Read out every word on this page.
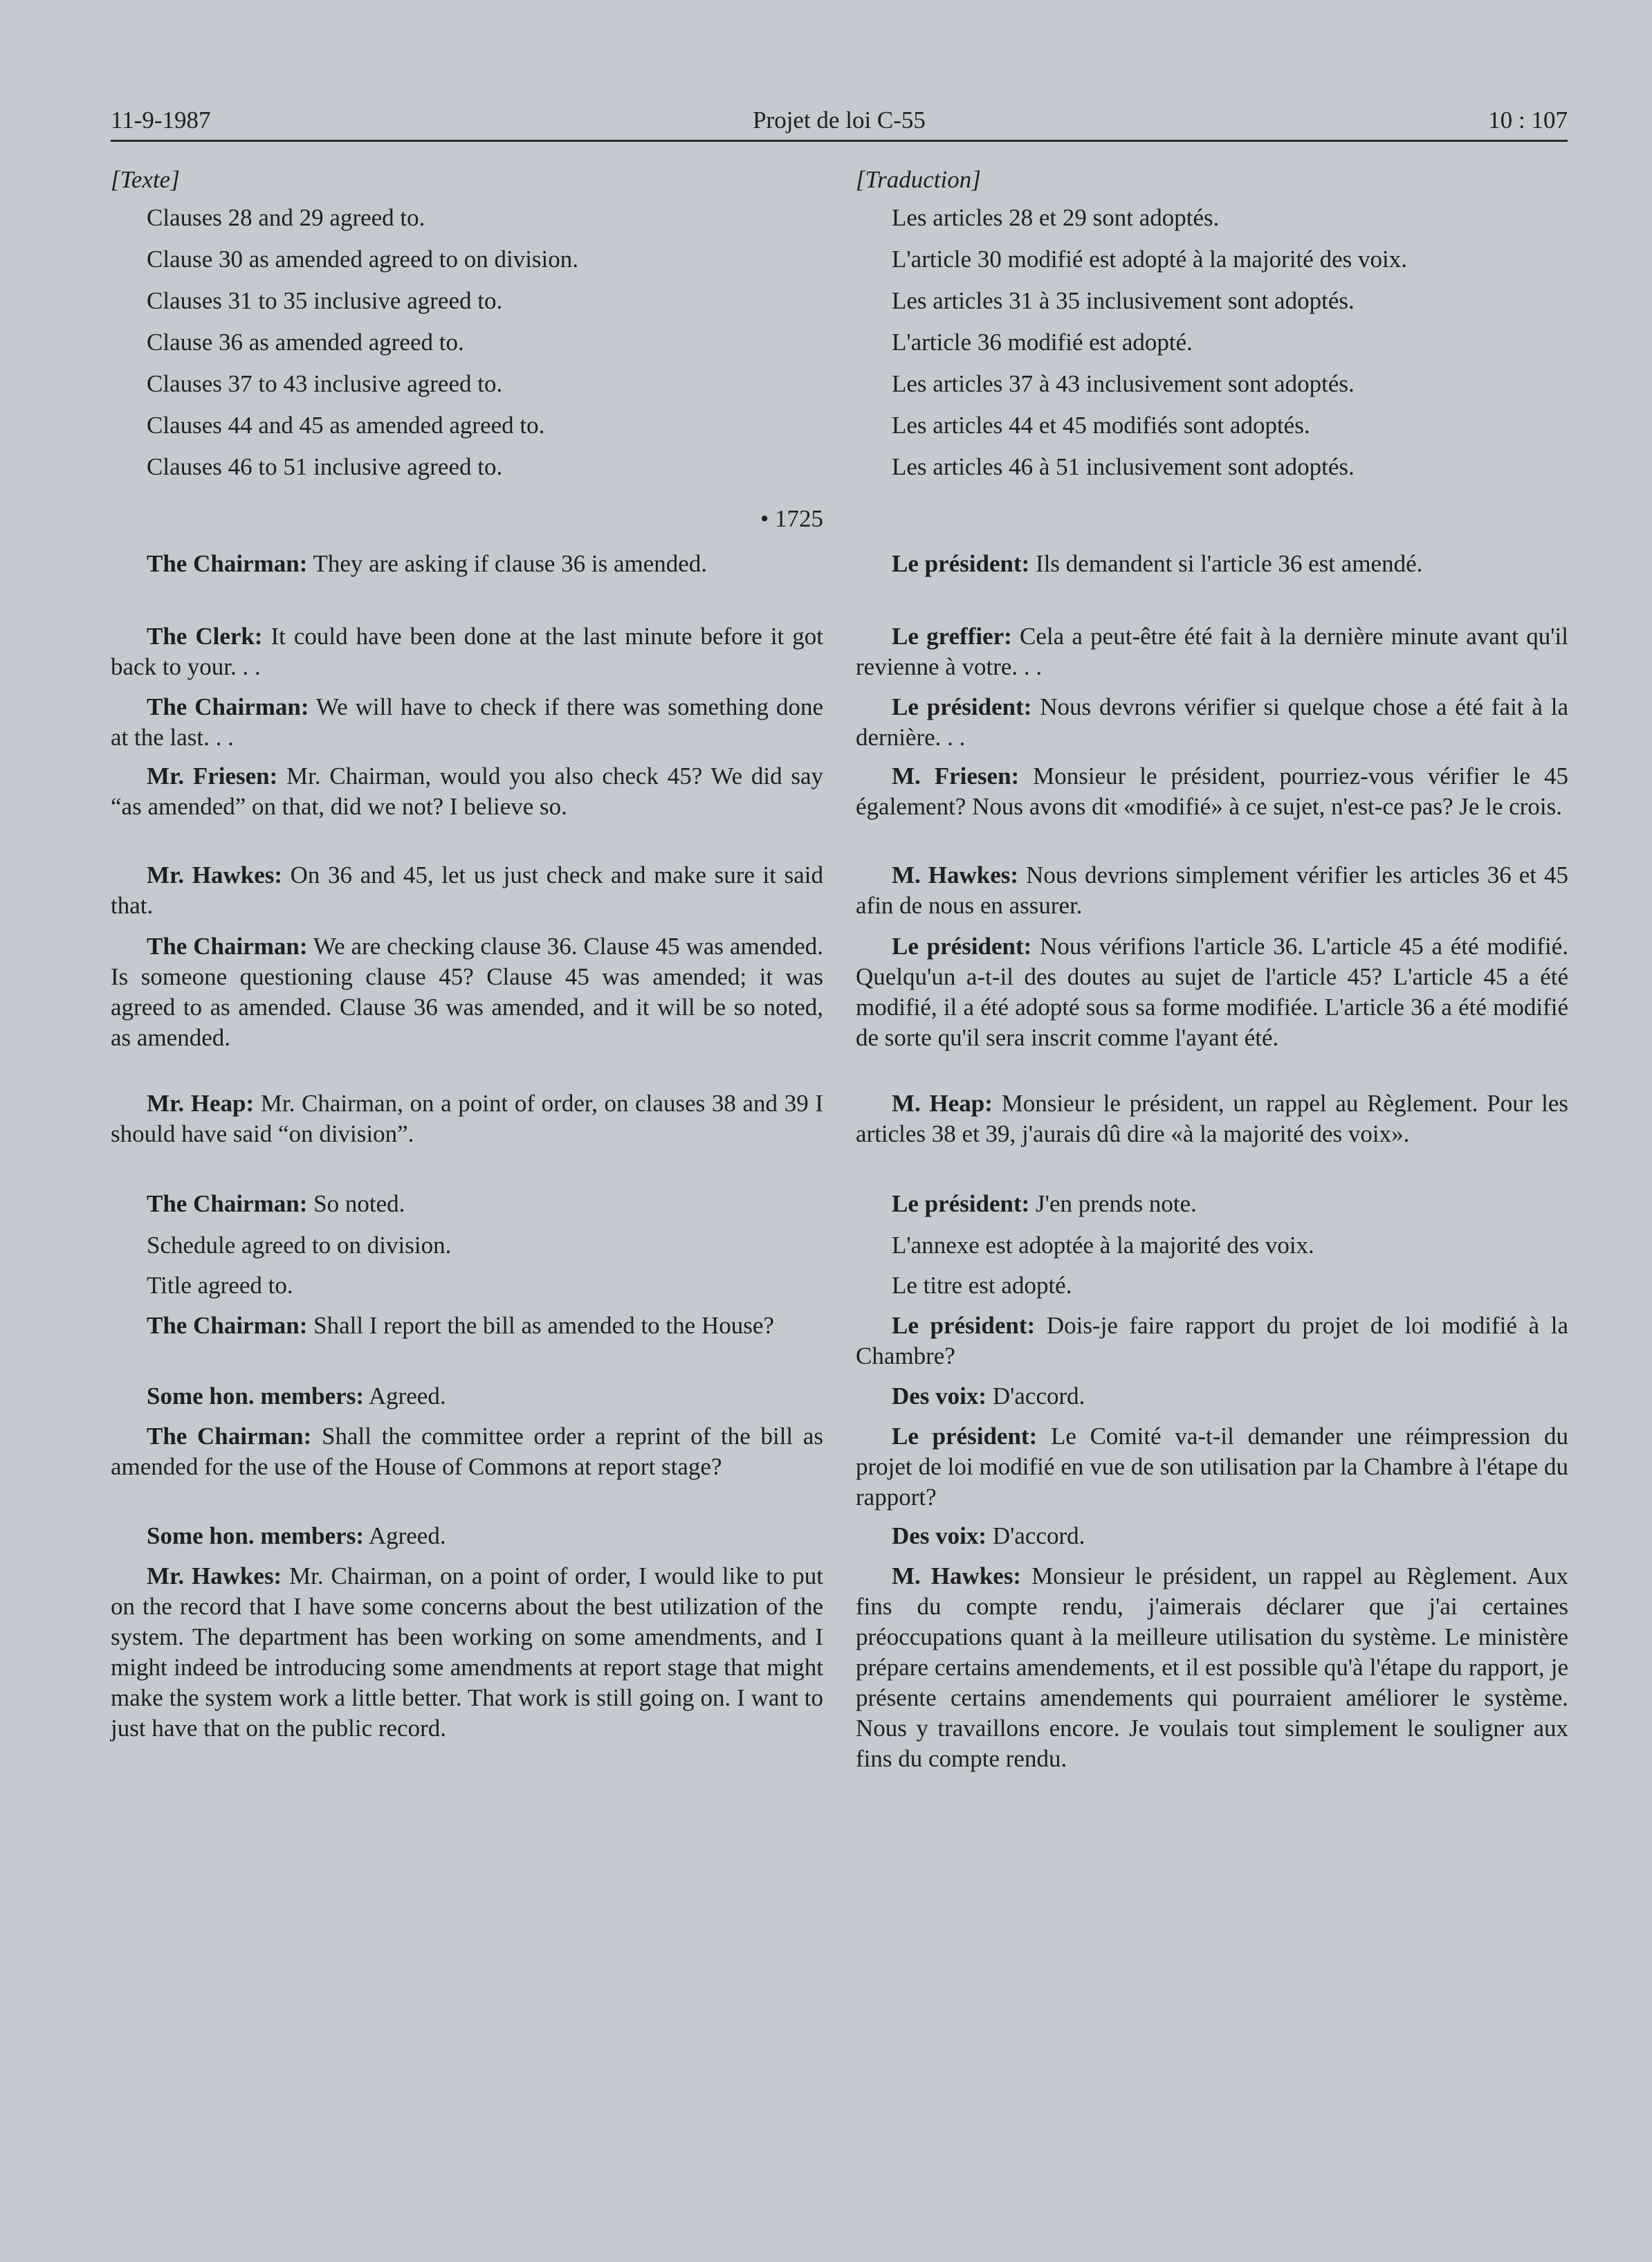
11-9-1987	Projet de loi C-55	10 : 107

[Texte]

Clauses 28 and 29 agreed to.

Clause 30 as amended agreed to on division.

Clauses 31 to 35 inclusive agreed to.

Clause 36 as amended agreed to.

Clauses 37 to 43 inclusive agreed to.

Clauses 44 and 45 as amended agreed to.

Clauses 46 to 51 inclusive agreed to.

• 1725

The Chairman: They are asking if clause 36 is amended.

The Clerk: It could have been done at the last minute before it got back to your. . .

The Chairman: We will have to check if there was something done at the last. . .

Mr. Friesen: Mr. Chairman, would you also check 45? We did say “as amended” on that, did we not? I believe so.

Mr. Hawkes: On 36 and 45, let us just check and make sure it said that.

The Chairman: We are checking clause 36. Clause 45 was amended. Is someone questioning clause 45? Clause 45 was amended; it was agreed to as amended. Clause 36 was amended, and it will be so noted, as amended.

Mr. Heap: Mr. Chairman, on a point of order, on clauses 38 and 39 I should have said “on division”.

The Chairman: So noted.

Schedule agreed to on division.

Title agreed to.

The Chairman: Shall I report the bill as amended to the House?

Some hon. members: Agreed.

The Chairman: Shall the committee order a reprint of the bill as amended for the use of the House of Commons at report stage?

Some hon. members: Agreed.

Mr. Hawkes: Mr. Chairman, on a point of order, I would like to put on the record that I have some concerns about the best utilization of the system. The department has been working on some amendments, and I might indeed be introducing some amendments at report stage that might make the system work a little better. That work is still going on. I want to just have that on the public record.

[Traduction]

Les articles 28 et 29 sont adoptés.

L'article 30 modifié est adopté à la majorité des voix.

Les articles 31 à 35 inclusivement sont adoptés.

L'article 36 modifié est adopté.

Les articles 37 à 43 inclusivement sont adoptés.

Les articles 44 et 45 modifiés sont adoptés.

Les articles 46 à 51 inclusivement sont adoptés.

Le président: Ils demandent si l'article 36 est amendé.

Le greffier: Cela a peut-être été fait à la dernière minute avant qu'il revienne à votre. . .

Le président: Nous devrons vérifier si quelque chose a été fait à la dernière. . .

M. Friesen: Monsieur le président, pourriez-vous vérifier le 45 également? Nous avons dit «modifié» à ce sujet, n'est-ce pas? Je le crois.

M. Hawkes: Nous devrions simplement vérifier les articles 36 et 45 afin de nous en assurer.

Le président: Nous vérifions l'article 36. L'article 45 a été modifié. Quelqu'un a-t-il des doutes au sujet de l'article 45? L'article 45 a été modifié, il a été adopté sous sa forme modifiée. L'article 36 a été modifié de sorte qu'il sera inscrit comme l'ayant été.

M. Heap: Monsieur le président, un rappel au Règlement. Pour les articles 38 et 39, j'aurais dû dire «à la majorité des voix».

Le président: J'en prends note.

L'annexe est adoptée à la majorité des voix.

Le titre est adopté.

Le président: Dois-je faire rapport du projet de loi modifié à la Chambre?

Des voix: D'accord.

Le président: Le Comité va-t-il demander une réimpression du projet de loi modifié en vue de son utilisation par la Chambre à l'étape du rapport?

Des voix: D'accord.

M. Hawkes: Monsieur le président, un rappel au Règlement. Aux fins du compte rendu, j'aimerais déclarer que j'ai certaines préoccupations quant à la meilleure utilisation du système. Le ministère prépare certains amendements, et il est possible qu'à l'étape du rapport, je présente certains amendements qui pourraient améliorer le système. Nous y travaillons encore. Je voulais tout simplement le souligner aux fins du compte rendu.
